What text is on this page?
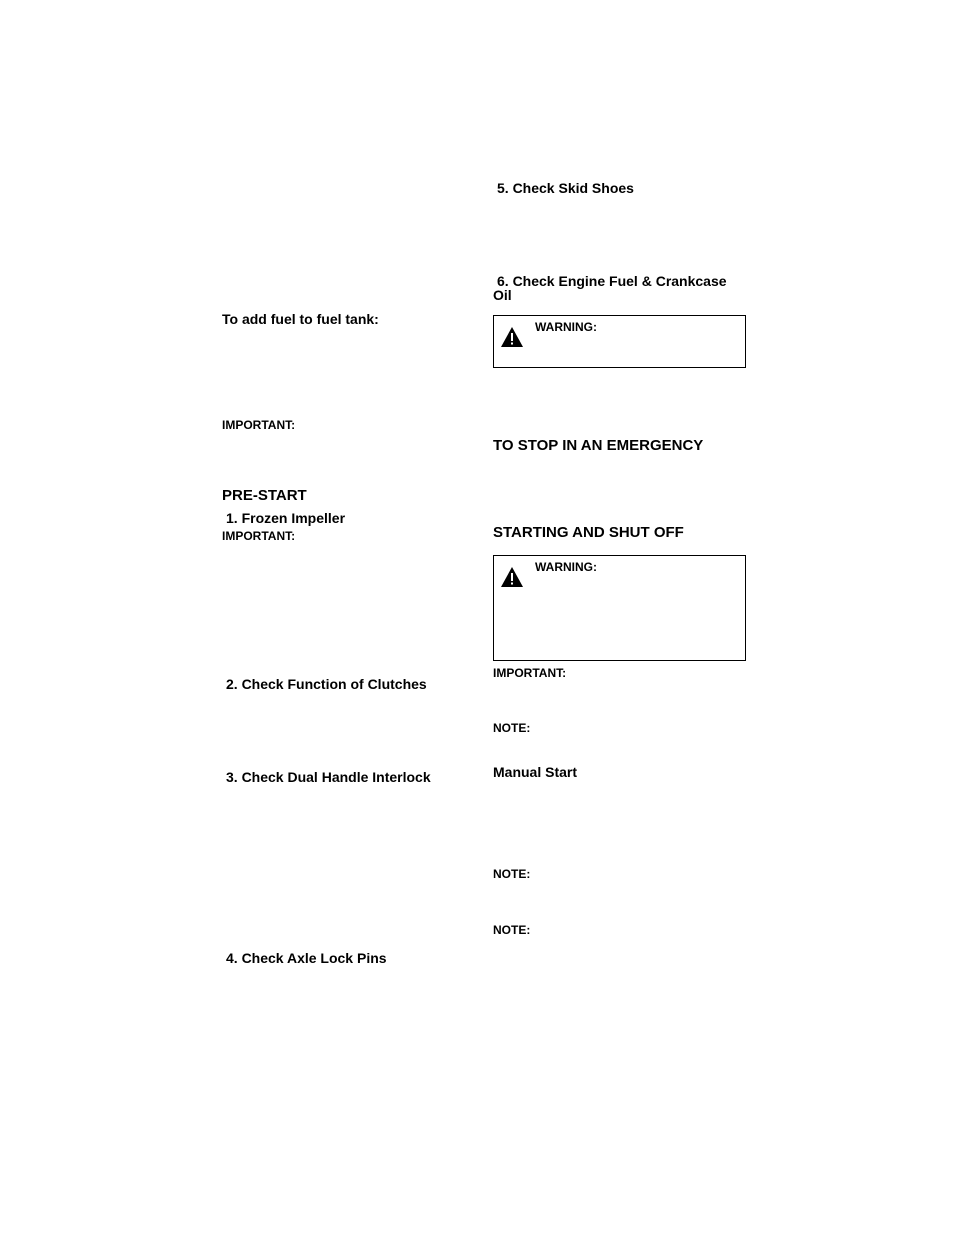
To add fuel to fuel tank:
IMPORTANT:
PRE-START
1. Frozen Impeller
IMPORTANT:
2. Check Function of Clutches
3. Check Dual Handle Interlock
4. Check Axle Lock Pins
5. Check Skid Shoes
6. Check Engine Fuel & Crankcase
Oil
WARNING:
TO STOP IN AN EMERGENCY
STARTING AND SHUT OFF
WARNING:
IMPORTANT:
NOTE:
Manual Start
NOTE:
NOTE:
